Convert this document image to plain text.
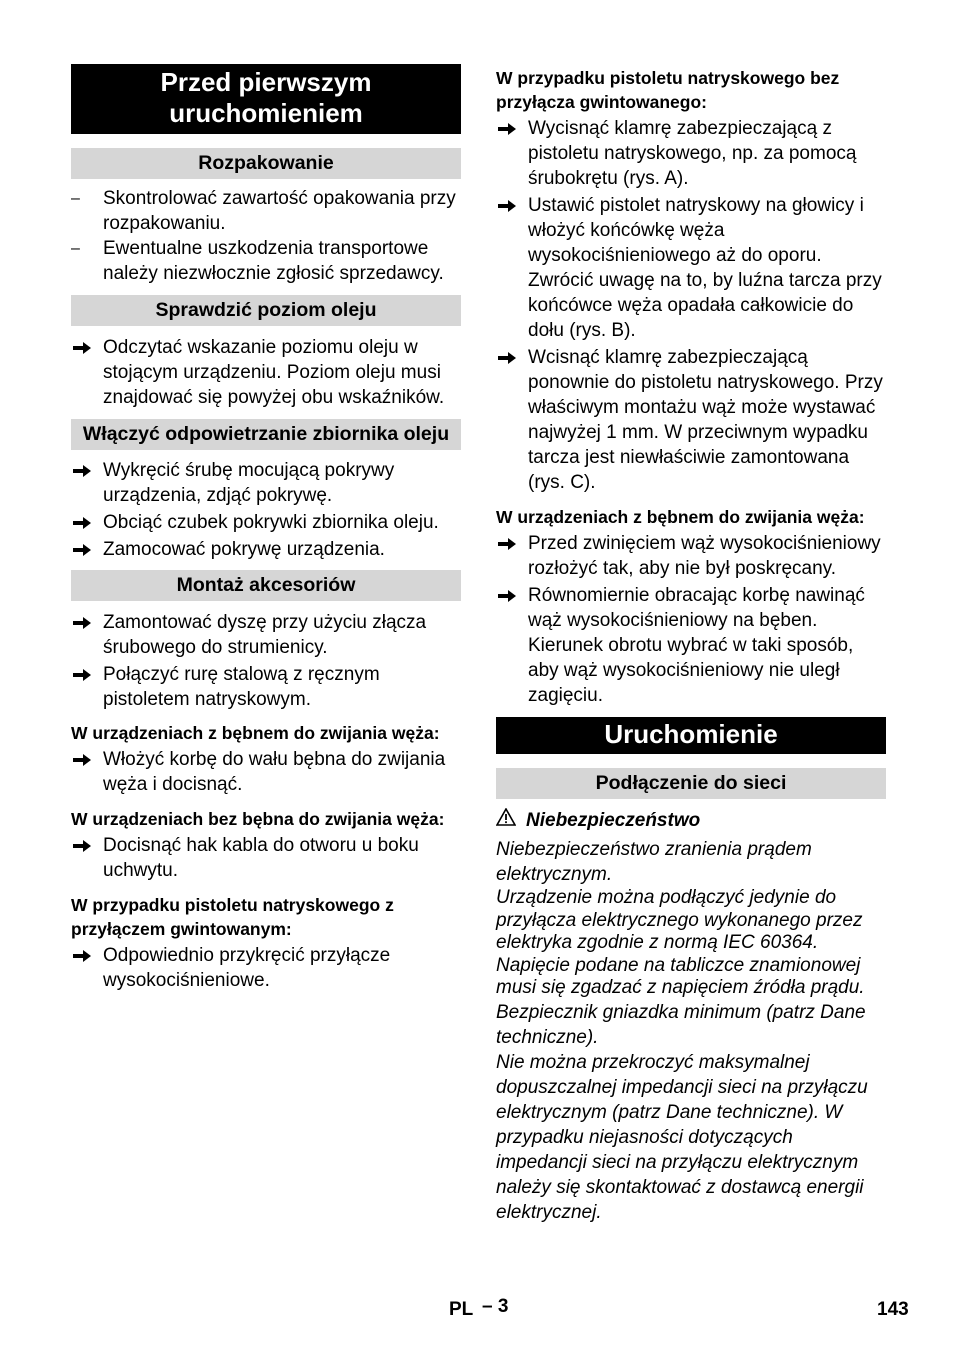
Przed pierwszym uruchomieniem
Rozpakowanie
– Skontrolować zawartość opakowania przy rozpakowaniu.
– Ewentualne uszkodzenia transportowe należy niezwłocznie zgłosić sprzedawcy.
Sprawdzić poziom oleju
Odczytać wskazanie poziomu oleju w stojącym urządzeniu. Poziom oleju musi znajdować się powyżej obu wskaźników.
Włączyć odpowietrzanie zbiornika oleju
Wykręcić śrubę mocującą pokrywy urządzenia, zdjąć pokrywę.
Obciąć czubek pokrywki zbiornika oleju.
Zamocować pokrywę urządzenia.
Montaż akcesoriów
Zamontować dyszę przy użyciu złącza śrubowego do strumienicy.
Połączyć rurę stalową z ręcznym pistoletem natryskowym.
W urządzeniach z bębnem do zwijania węża:
Włożyć korbę do wału bębna do zwijania węża i docisnąć.
W urządzeniach bez bębna do zwijania węża:
Docisnąć hak kabla do otworu u boku uchwytu.
W przypadku pistoletu natryskowego z przyłączem gwintowanym:
Odpowiednio przykręcić przyłącze wysokociśnieniowe.
W przypadku pistoletu natryskowego bez przyłącza gwintowanego:
Wycisnąć klamrę zabezpieczającą z pistoletu natryskowego, np. za pomocą śrubokrętu (rys. A).
Ustawić pistolet natryskowy na głowicy i włożyć końcówkę węża wysokociśnieniowego aż do oporu. Zwrócić uwagę na to, by luźna tarcza przy końcówce węża opadała całkowicie do dołu (rys. B).
Wcisnąć klamrę zabezpieczającą ponownie do pistoletu natryskowego. Przy właściwym montażu wąż może wystawać najwyżej 1 mm. W przeciwnym wypadku tarcza jest niewłaściwie zamontowana (rys. C).
W urządzeniach z bębnem do zwijania węża:
Przed zwinięciem wąż wysokociśnieniowy rozłożyć tak, aby nie był poskręcany.
Równomiernie obracając korbę nawinąć wąż wysokociśnieniowy na bęben. Kierunek obrotu wybrać w taki sposób, aby wąż wysokociśnieniowy nie uległ zagięciu.
Uruchomienie
Podłączenie do sieci
Niebezpieczeństwo
Niebezpieczeństwo zranienia prądem elektrycznym.
Urządzenie można podłączyć jedynie do przyłącza elektrycznego wykonanego przez elektryka zgodnie z normą IEC 60364.
Napięcie podane na tabliczce znamionowej musi się zgadzać z napięciem źródła prądu.
Bezpiecznik gniazdka minimum (patrz Dane techniczne).
Nie można przekroczyć maksymalnej dopuszczalnej impedancji sieci na przyłączu elektrycznym (patrz Dane techniczne). W przypadku niejasności dotyczących impedancji sieci na przyłączu elektrycznym należy się skontaktować z dostawcą energii elektrycznej.
PL – 3	143
